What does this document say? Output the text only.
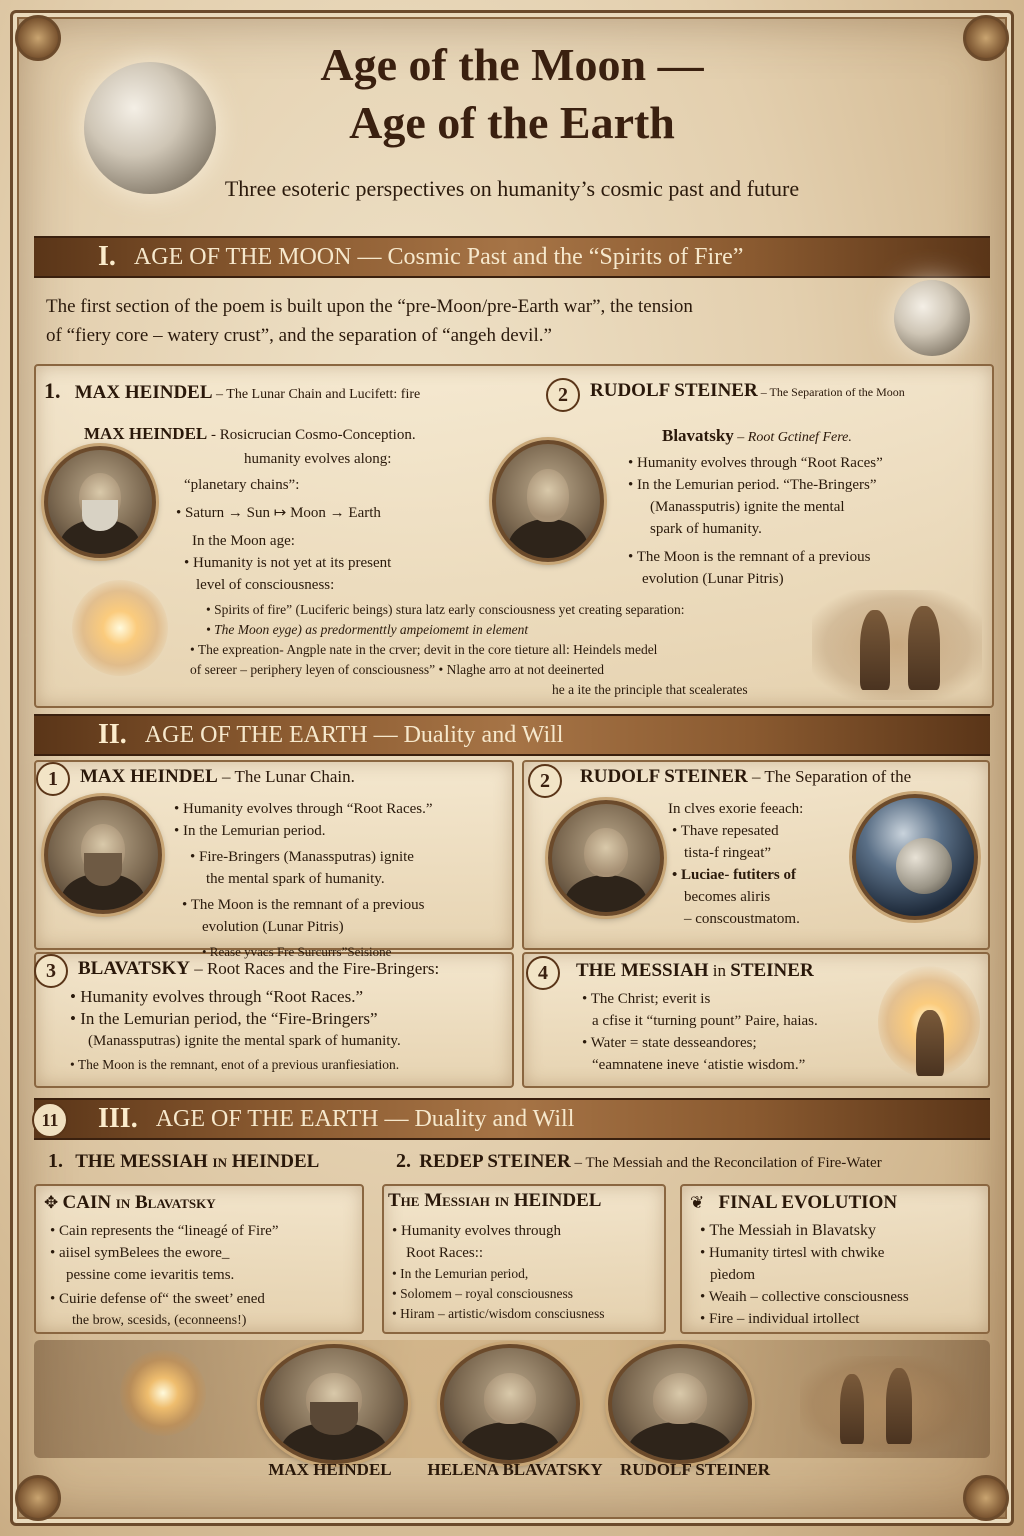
Age of the Moon —
Age of the Earth
Three esoteric perspectives on humanity’s cosmic past and future
I. AGE OF THE MOON — Cosmic Past and the “Spirits of Fire”
The first section of the poem is built upon the “pre-Moon/pre-Earth war”, the tension
of “fiery core – watery crust”, and the separation of “angeh devil.”
1. MAX HEINDEL – The Lunar Chain and Lucifett: fire	2	RUDOLF STEINER – The Separation of the Moon
MAX HEINDEL - Rosicrucian Cosmo-Conception.	Blavatsky – Root Gctinef Fere.
humanity evolves along:
“planetary chains”:
• Saturn → Sun ↦ Moon → Earth
In the Moon age:
• Humanity is not yet at its present
level of consciousness:
• Humanity evolves through “Root Races”
• In the Lemurian period. “The-Bringers”
(Manassputris) ignite the mental
spark of humanity.
• The Moon is the remnant of a previous
evolution (Lunar Pitris)
• Spirits of fire” (Luciferic beings) stura latz early consciousness yet creating separation:
• The Moon eyge) as predormenttly ampeiomemt in element
• The expreation- Angple nate in the crver; devit in the core tieture all: Heindels medel
of sereer – periphery leyen of consciousness” • Nlaghe arro at not deeinerted
he a ite the principle that scealerates
II. AGE OF THE EARTH — Duality and Will
1	MAX HEINDEL – The Lunar Chain.
• Humanity evolves through “Root Races.”
• In the Lemurian period.
• Fire-Bringers (Manassputras) ignite
the mental spark of humanity.
• The Moon is the remnant of a previous
evolution (Lunar Pitris)
• Rease yvacs Fre Surcurrs”Seisione
2	RUDOLF STEINER – The Separation of the
In clves exorie feeach:
• Thave repesated
tista-f ringeat”
• Luciae- futiters of
becomes aliris
– conscoustmatom.
3	BLAVATSKY – Root Races and the Fire-Bringers:
• Humanity evolves through “Root Races.”
• In the Lemurian period, the “Fire-Bringers”
(Manassputras) ignite the mental spark of humanity.
• The Moon is the remnant, enot of a previous uranfiesiation.
4	THE MESSIAH in STEINER
• The Christ; everit is
a cfise it “turning pount” Paire, haias.
• Water = state desseandores;
“eamnatene ineve ‘atistie wisdom.”
III. AGE OF THE EARTH — Duality and Will
11
1. THE MESSIAH in HEINDEL	2. REDEP STEINER – The Messiah and the Reconcilation of Fire-Water
✥ CAIN in Blavatsky
• Cain represents the “lineagé of Fire”
• aiisel symBelees the ewore_
pessine come ievaritis tems.
• Cuirie defense of“ the sweet’ ened
the brow, scesids, (econneens!)
The Messiah in HEINDEL
• Humanity evolves through
Root Races::
• In the Lemurian period,
• Solomem – royal consciousness
• Hiram – artistic/wisdom consciusness
❦ FINAL EVOLUTION
• The Messiah in Blavatsky
• Humanity tirtesl with chwike
pìedom
• Weaih – collective consciousness
• Fire – individual irtollect
MAX HEINDEL	HELENA BLAVATSKY	RUDOLF STEINER
